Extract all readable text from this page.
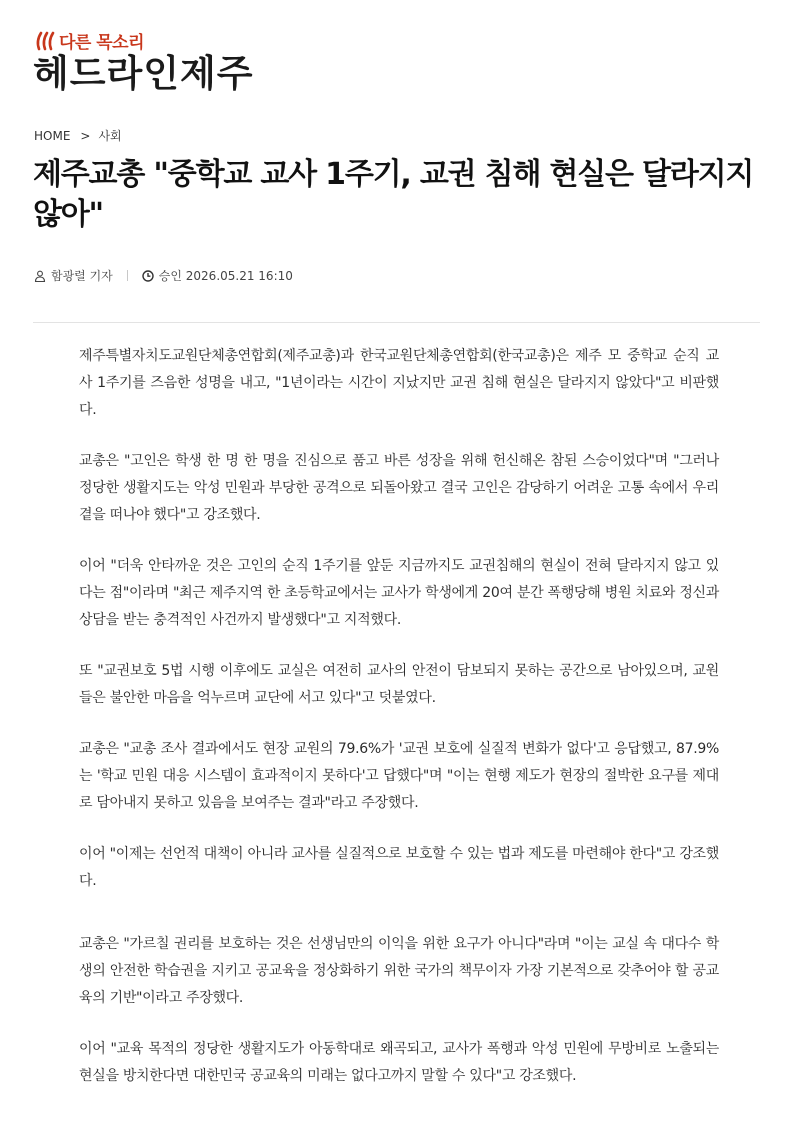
다른 목소리
헤드라인제주
HOME > 사회
제주교총 "중학교 교사 1주기, 교권 침해 현실은 달라지지 않아"
함광렬 기자	승인 2026.05.21 16:10

제주특별자치도교원단체총연합회(제주교총)과 한국교원단체총연합회(한국교총)은 제주 모 중학교 순직 교사 1주기를 즈음한 성명을 내고, "1년이라는 시간이 지났지만 교권 침해 현실은 달라지지 않았다"고 비판했다.

교총은 "고인은 학생 한 명 한 명을 진심으로 품고 바른 성장을 위해 헌신해온 참된 스승이었다"며 "그러나 정당한 생활지도는 악성 민원과 부당한 공격으로 되돌아왔고 결국 고인은 감당하기 어려운 고통 속에서 우리 곁을 떠나야 했다"고 강조했다.

이어 "더욱 안타까운 것은 고인의 순직 1주기를 앞둔 지금까지도 교권침해의 현실이 전혀 달라지지 않고 있다는 점"이라며 "최근 제주지역 한 초등학교에서는 교사가 학생에게 20여 분간 폭행당해 병원 치료와 정신과 상담을 받는 충격적인 사건까지 발생했다"고 지적했다.

또 "교권보호 5법 시행 이후에도 교실은 여전히 교사의 안전이 담보되지 못하는 공간으로 남아있으며, 교원들은 불안한 마음을 억누르며 교단에 서고 있다"고 덧붙였다.

교총은 "교총 조사 결과에서도 현장 교원의 79.6%가 '교권 보호에 실질적 변화가 없다'고 응답했고, 87.9%는 '학교 민원 대응 시스템이 효과적이지 못하다'고 답했다"며 "이는 현행 제도가 현장의 절박한 요구를 제대로 담아내지 못하고 있음을 보여주는 결과"라고 주장했다.

이어 "이제는 선언적 대책이 아니라 교사를 실질적으로 보호할 수 있는 법과 제도를 마련해야 한다"고 강조했다.

교총은 "가르칠 권리를 보호하는 것은 선생님만의 이익을 위한 요구가 아니다"라며 "이는 교실 속 대다수 학생의 안전한 학습권을 지키고 공교육을 정상화하기 위한 국가의 책무이자 가장 기본적으로 갖추어야 할 공교육의 기반"이라고 주장했다.

이어 "교육 목적의 정당한 생활지도가 아동학대로 왜곡되고, 교사가 폭행과 악성 민원에 무방비로 노출되는 현실을 방치한다면 대한민국 공교육의 미래는 없다고까지 말할 수 있다"고 강조했다.
